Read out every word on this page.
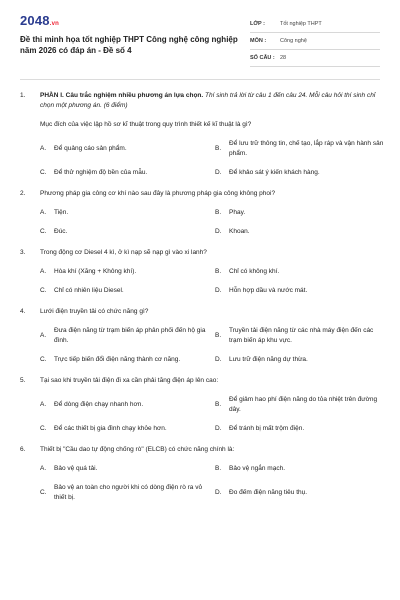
2048.vn
Đề thi minh họa tốt nghiệp THPT Công nghệ công nghiệp năm 2026 có đáp án - Đề số 4
LỚP :	Tốt nghiệp THPT
MÔN :	Công nghệ
SỐ CÂU : 28
1.	PHẦN I. Câu trắc nghiệm nhiều phương án lựa chọn. Thí sinh trả lời từ câu 1 đến câu 24. Mỗi câu hỏi thí sinh chỉ chọn một phương án. (6 điểm)
Mục đích của việc lập hồ sơ kĩ thuật trong quy trình thiết kế kĩ thuật là gì?
A.	Để quảng cáo sản phẩm.	B.
Để lưu trữ thông tin, chế tạo, lắp ráp và vận hành sản phẩm.
C.	Để thử nghiệm độ bền của mẫu.	D.	Để khảo sát ý kiến khách hàng.
2.	Phương pháp gia công cơ khí nào sau đây là phương pháp gia công không phoi?
A.	Tiện.	B.	Phay.
C.	Đúc.	D.	Khoan.
3.	Trong động cơ Diesel 4 kì, ở kì nạp sẽ nạp gì vào xi lanh?
A.	Hòa khí (Xăng + Không khí).	B.	Chỉ có không khí.
C.	Chỉ có nhiên liệu Diesel.	D.	Hỗn hợp dầu và nước mát.
4.	Lưới điện truyền tải có chức năng gì?
A.
Đưa điện năng từ trạm biến áp phân phối đến hộ gia đình.
B.
Truyền tải điện năng từ các nhà máy điện đến các trạm biến áp khu vực.
C.	Trực tiếp biến đổi điện năng thành cơ năng.	D.	Lưu trữ điện năng dự thừa.
5.	Tại sao khi truyền tải điện đi xa cần phải tăng điện áp lên cao:
A.	Để dòng điện chạy nhanh hơn.	B.
Để giảm hao phí điện năng do tỏa nhiệt trên đường dây.
C.	Để các thiết bị gia đình chạy khỏe hơn.	D.	Để tránh bị mất trộm điện.
6.	Thiết bị "Cầu dao tự động chống rò" (ELCB) có chức năng chính là:
A.	Bảo vệ quá tải.	B.	Bảo vệ ngắn mạch.
C.
Bảo vệ an toàn cho người khi có dòng điện rò ra vỏ thiết bị.
D.	Đo đếm điện năng tiêu thụ.
